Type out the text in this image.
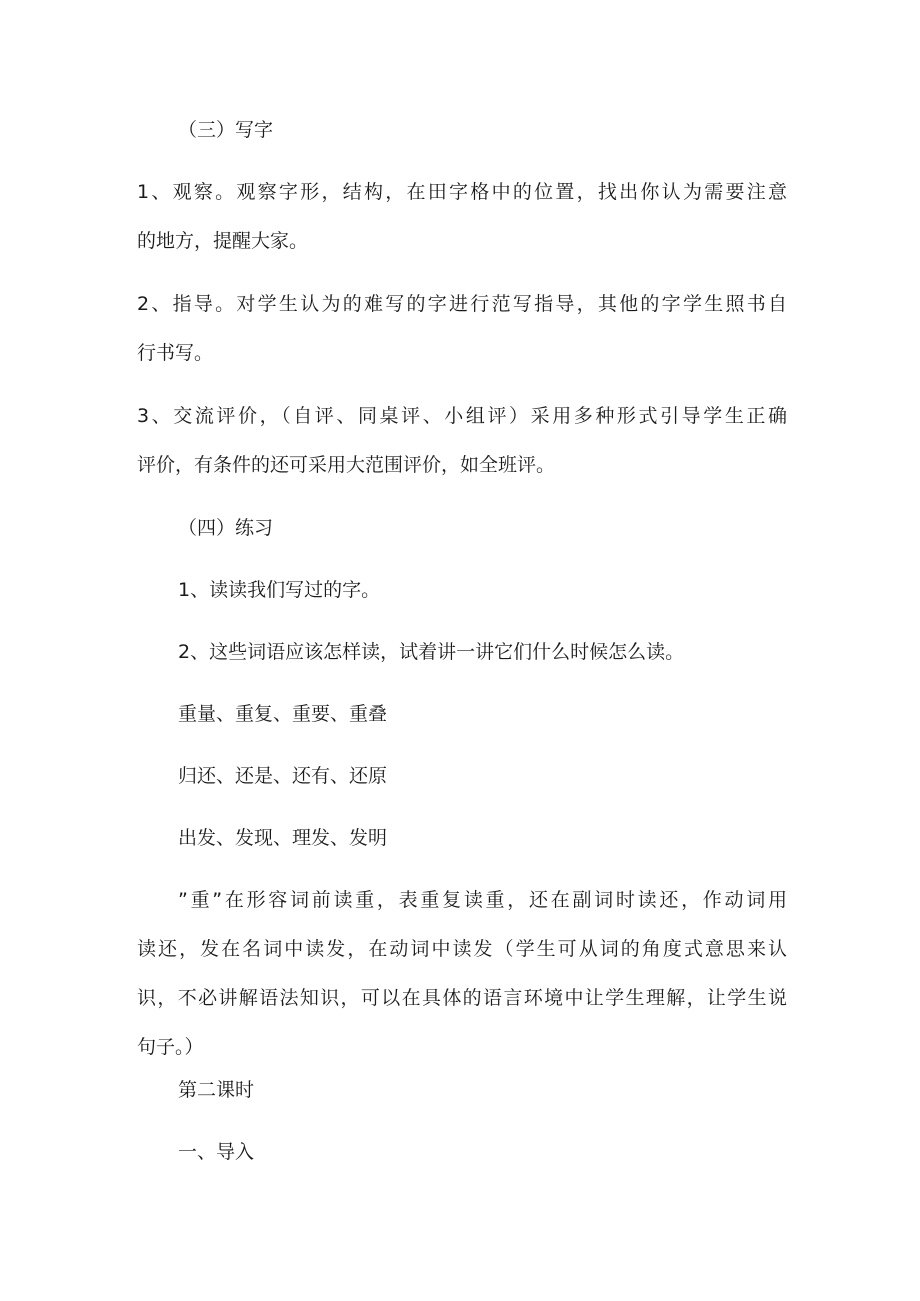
（三）写字
1、观察。观察字形，结构，在田字格中的位置，找出你认为需要注意
的地方，提醒大家。
2、指导。对学生认为的难写的字进行范写指导，其他的字学生照书自
行书写。
3、交流评价，（自评、同桌评、小组评）采用多种形式引导学生正确
评价，有条件的还可采用大范围评价，如全班评。
（四）练习
1、读读我们写过的字。
2、这些词语应该怎样读，试着讲一讲它们什么时候怎么读。
重量、重复、重要、重叠
归还、还是、还有、还原
出发、发现、理发、发明
”重”在形容词前读重，表重复读重，还在副词时读还，作动词用
读还，发在名词中读发，在动词中读发（学生可从词的角度式意思来认
识，不必讲解语法知识，可以在具体的语言环境中让学生理解，让学生说
句子。）
第二课时
一、导入
